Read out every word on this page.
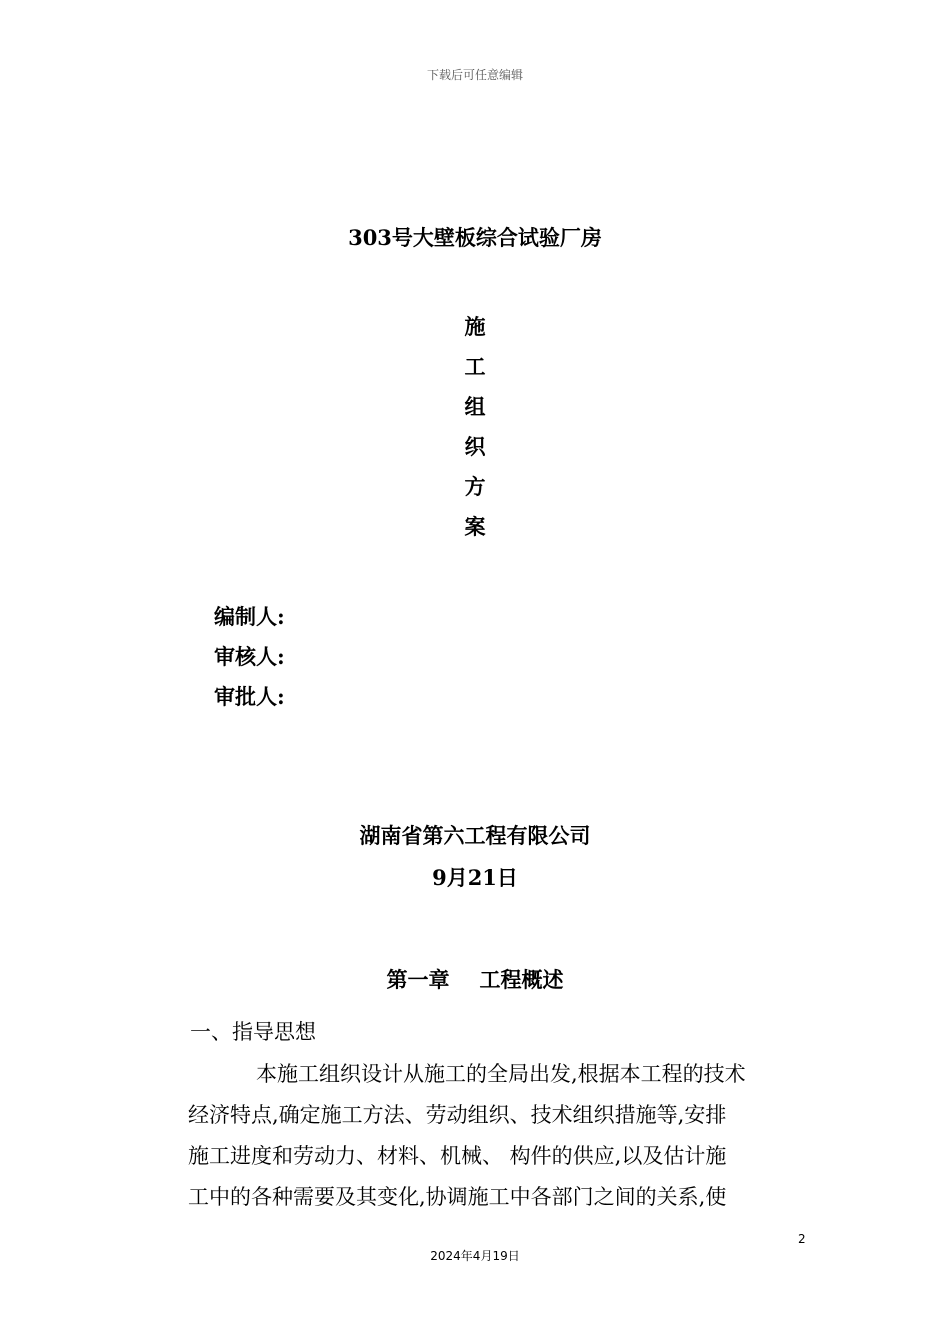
下载后可任意编辑
303号大壁板综合试验厂房
施
工
组
织
方
案
编制人:
审核人:
审批人:
湖南省第六工程有限公司
9月21日
第一章 工程概述
一、指导思想
本施工组织设计从施工的全局出发,根据本工程的技术
经济特点,确定施工方法、劳动组织、技术组织措施等,安排
施工进度和劳动力、材料、机械、 构件的供应,以及估计施
工中的各种需要及其变化,协调施工中各部门之间的关系,使
2
2024年4月19日
